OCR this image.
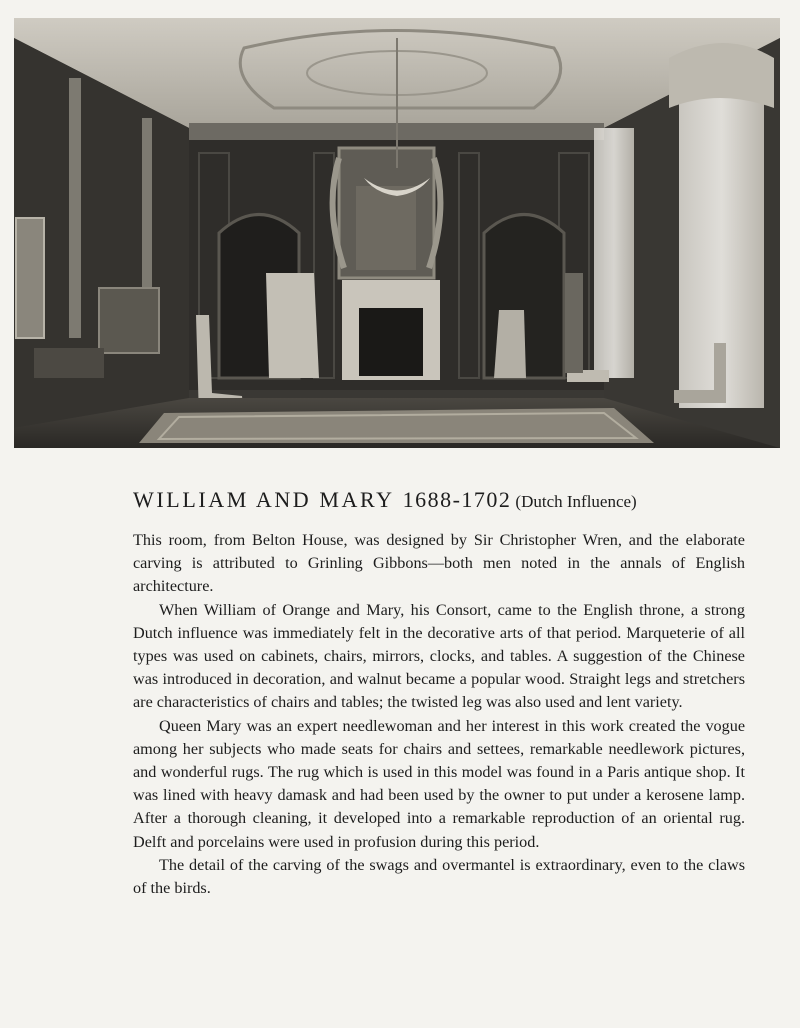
WILLIAM AND MARY 1688-1702 (Dutch Influence)

This room, from Belton House, was designed by Sir Christopher Wren, and the elaborate carving is attributed to Grinling Gibbons—both men noted in the annals of English architecture.

When William of Orange and Mary, his Consort, came to the English throne, a strong Dutch influence was immediately felt in the decorative arts of that period. Marqueterie of all types was used on cabinets, chairs, mirrors, clocks, and tables. A suggestion of the Chinese was introduced in decoration, and walnut became a popular wood. Straight legs and stretchers are characteristics of chairs and tables; the twisted leg was also used and lent variety.

Queen Mary was an expert needlewoman and her interest in this work created the vogue among her subjects who made seats for chairs and settees, remarkable needlework pictures, and wonderful rugs. The rug which is used in this model was found in a Paris antique shop. It was lined with heavy damask and had been used by the owner to put under a kerosene lamp. After a thorough cleaning, it developed into a remarkable reproduction of an oriental rug. Delft and porcelains were used in profusion during this period.

The detail of the carving of the swags and overmantel is extraordinary, even to the claws of the birds.
